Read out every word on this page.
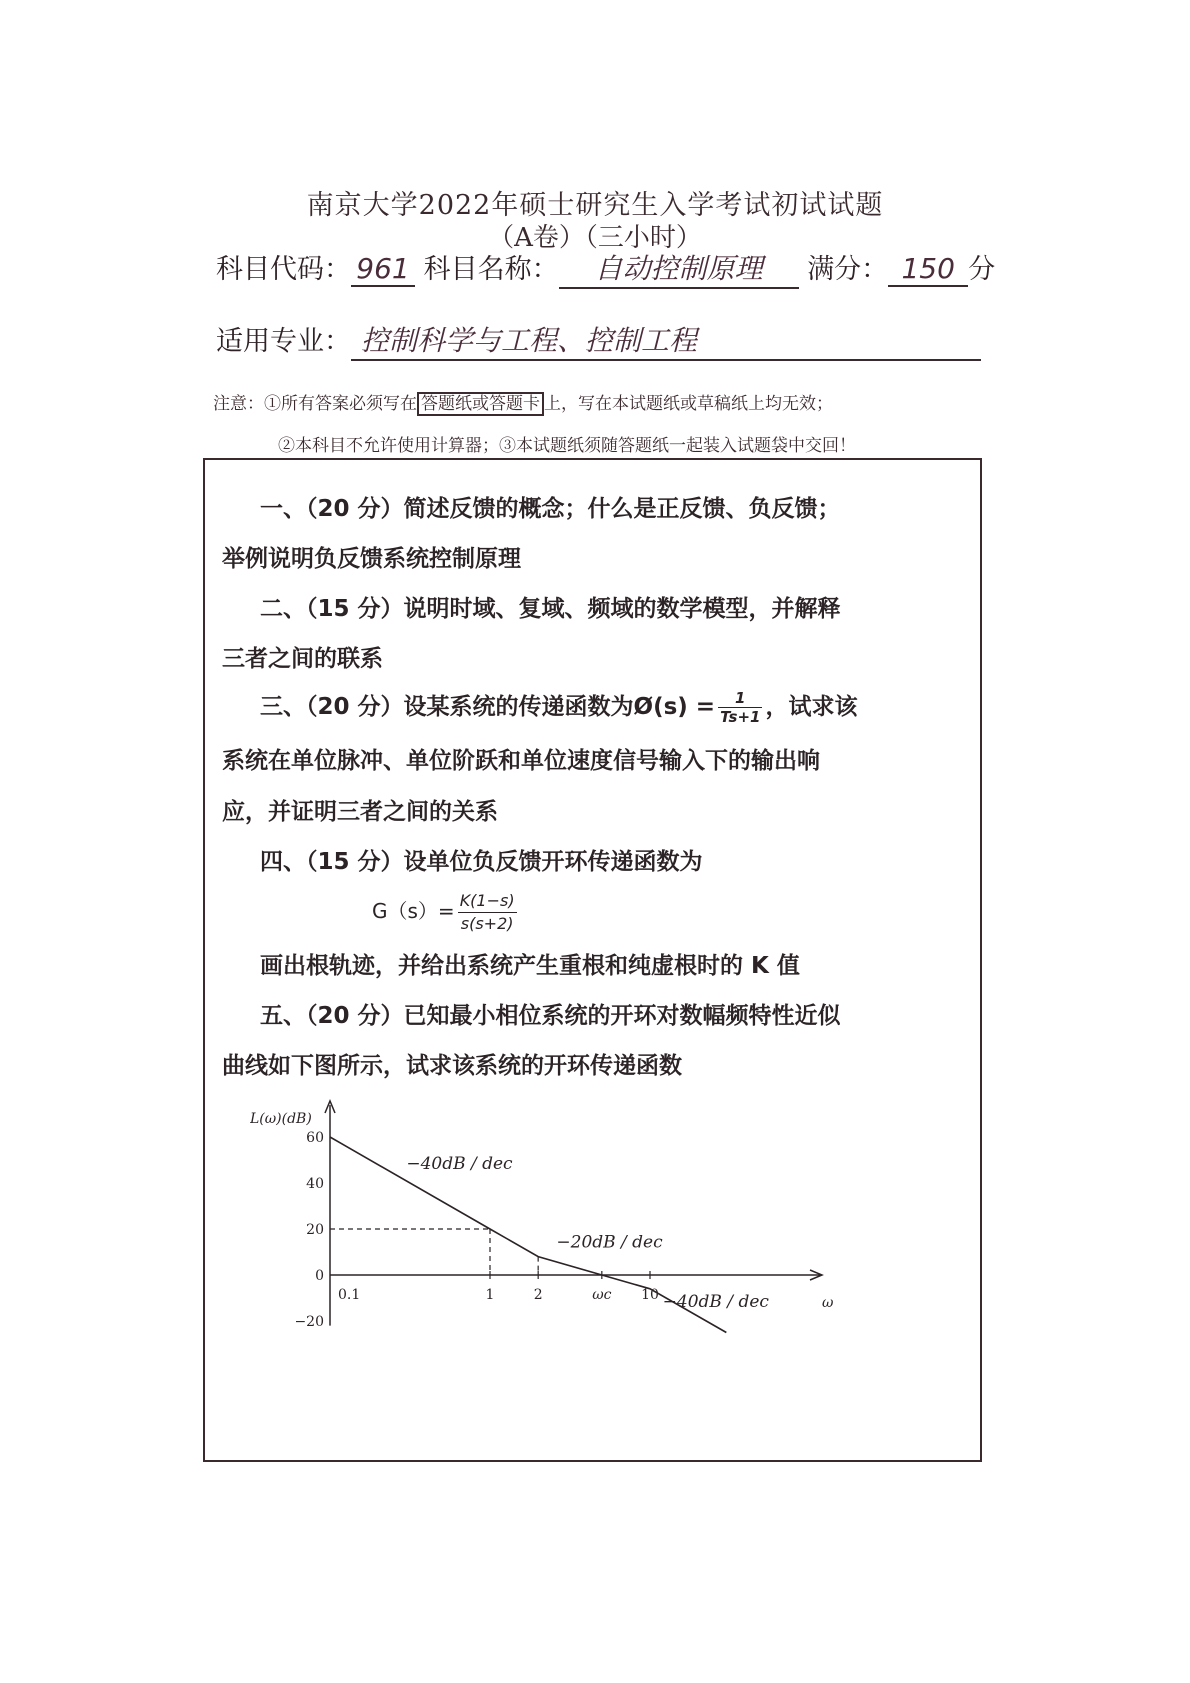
南京大学2022年硕士研究生入学考试初试试题
（A卷）（三小时）
科目代码： 961 科目名称： 自动控制原理 满分： 150 分
适用专业： 控制科学与工程、控制工程
注意：①所有答案必须写在 答题纸或答题卡 上，写在本试题纸或草稿纸上均无效；
②本科目不允许使用计算器；③本试题纸须随答题纸一起装入试题袋中交回！
一、（20 分）简述反馈的概念；什么是正反馈、负反馈；
举例说明负反馈系统控制原理
二、（15 分）说明时域、复域、频域的数学模型，并解释
三者之间的联系
三、（20 分）设某系统的传递函数为Ø(s) = $\frac{1}{Ts+1}$ ，试求该
系统在单位脉冲、单位阶跃和单位速度信号输入下的输出响
应，并证明三者之间的关系
四、（15 分）设单位负反馈开环传递函数为
$G(s)= \frac{K(1-s)}{s(s+2)}$
画出根轨迹，并给出系统产生重根和纯虚根时的 K 值
五、（20 分）已知最小相位系统的开环对数幅频特性近似
曲线如下图所示，试求该系统的开环传递函数
L(ω)(dB)
ω
60
40
20
0
−20
0.1	1	2	ωc 10
−40dB / dec
−20dB / dec
−40dB / dec
